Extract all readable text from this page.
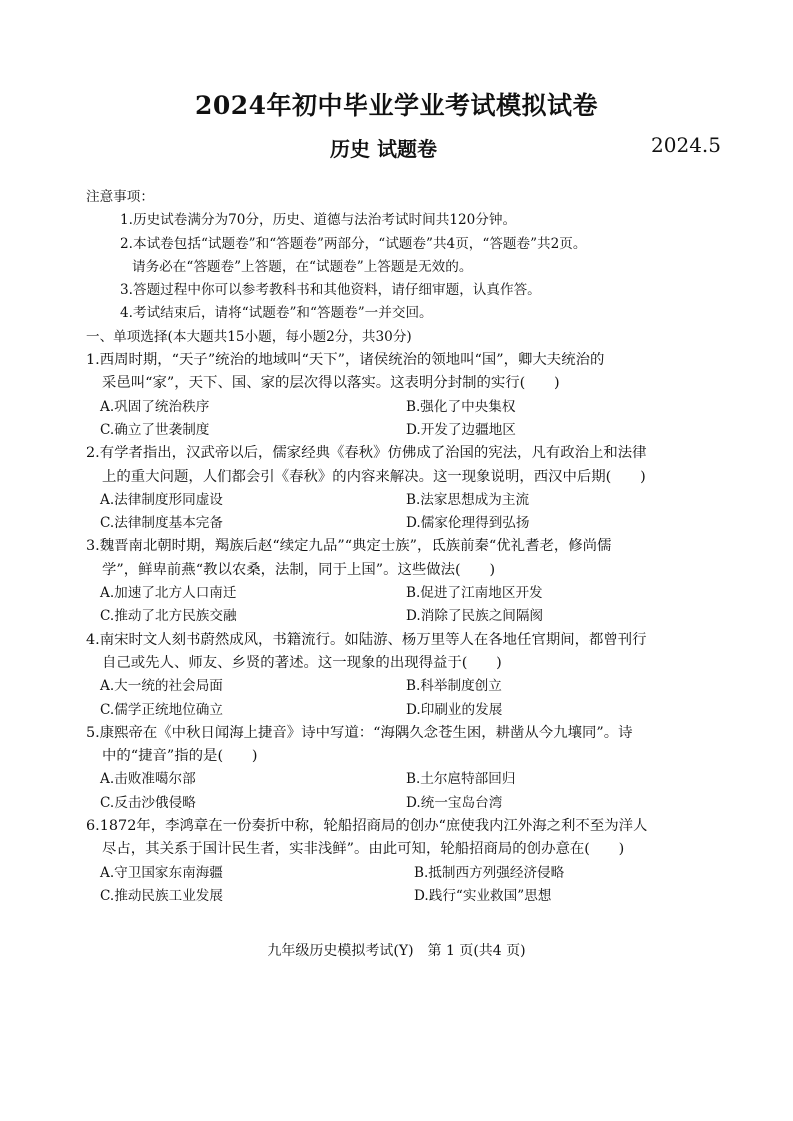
2024年初中毕业学业考试模拟试卷
历史 试题卷	2024.5
注意事项：
1.历史试卷满分为70分，历史、道德与法治考试时间共120分钟。
2.本试卷包括“试题卷”和“答题卷”两部分，“试题卷”共4页，“答题卷”共2页。
请务必在“答题卷”上答题，在“试题卷”上答题是无效的。
3.答题过程中你可以参考教科书和其他资料，请仔细审题，认真作答。
4.考试结束后，请将“试题卷”和“答题卷”一并交回。
一、单项选择(本大题共15小题，每小题2分，共30分)
1.西周时期，“天子”统治的地域叫“天下”，诸侯统治的领地叫“国”，卿大夫统治的
采邑叫“家”，天下、国、家的层次得以落实。这表明分封制的实行(　　)
A.巩固了统治秩序	B.强化了中央集权
C.确立了世袭制度	D.开发了边疆地区
2.有学者指出，汉武帝以后，儒家经典《春秋》仿佛成了治国的宪法，凡有政治上和法律
上的重大问题，人们都会引《春秋》的内容来解决。这一现象说明，西汉中后期(　　)
A.法律制度形同虚设	B.法家思想成为主流
C.法律制度基本完备	D.儒家伦理得到弘扬
3.魏晋南北朝时期，羯族后赵“续定九品”“典定士族”，氐族前秦“优礼耆老，修尚儒
学”，鲜卑前燕“教以农桑，法制，同于上国”。这些做法(　　)
A.加速了北方人口南迁	B.促进了江南地区开发
C.推动了北方民族交融	D.消除了民族之间隔阂
4.南宋时文人刻书蔚然成风，书籍流行。如陆游、杨万里等人在各地任官期间，都曾刊行
自己或先人、师友、乡贤的著述。这一现象的出现得益于(　　)
A.大一统的社会局面	B.科举制度创立
C.儒学正统地位确立	D.印刷业的发展
5.康熙帝在《中秋日闻海上捷音》诗中写道：“海隅久念苍生困，耕凿从今九壤同”。诗
中的“捷音”指的是(　　)
A.击败准噶尔部	B.土尔扈特部回归
C.反击沙俄侵略	D.统一宝岛台湾
6.1872年，李鸿章在一份奏折中称，轮船招商局的创办“庶使我内江外海之利不至为洋人
尽占，其关系于国计民生者，实非浅鲜”。由此可知，轮船招商局的创办意在(　　)
A.守卫国家东南海疆	B.抵制西方列强经济侵略
C.推动民族工业发展	D.践行“实业救国”思想
九年级历史模拟考试(Y)　第 1 页(共4 页)
